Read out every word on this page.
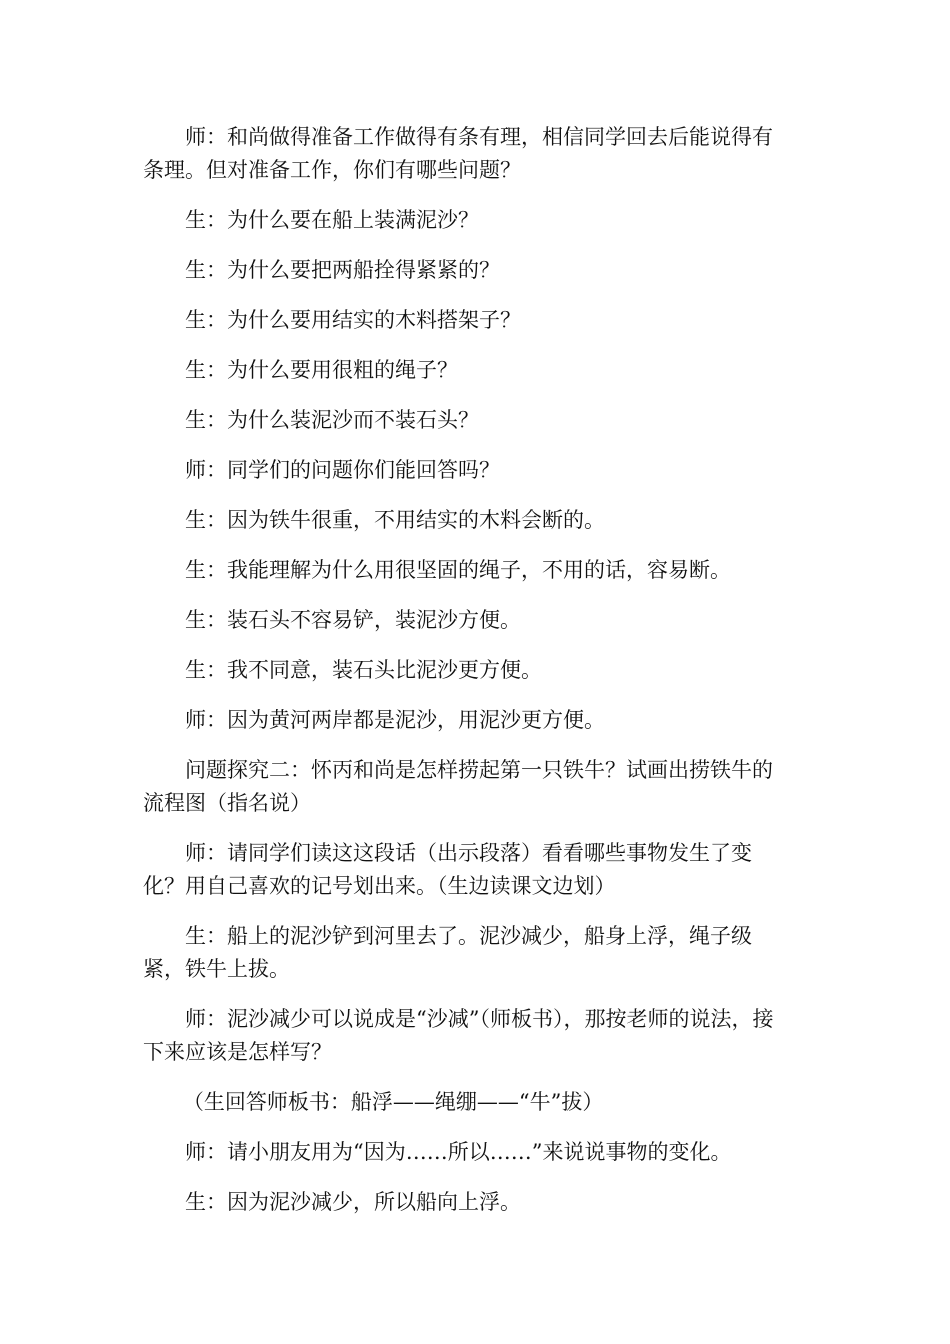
师：和尚做得准备工作做得有条有理，相信同学回去后能说得有条理。但对准备工作，你们有哪些问题？

生：为什么要在船上装满泥沙？

生：为什么要把两船拴得紧紧的？

生：为什么要用结实的木料搭架子？

生：为什么要用很粗的绳子？

生：为什么装泥沙而不装石头？

师：同学们的问题你们能回答吗？

生：因为铁牛很重，不用结实的木料会断的。

生：我能理解为什么用很坚固的绳子，不用的话，容易断。

生：装石头不容易铲，装泥沙方便。

生：我不同意，装石头比泥沙更方便。

师：因为黄河两岸都是泥沙，用泥沙更方便。

问题探究二：怀丙和尚是怎样捞起第一只铁牛？试画出捞铁牛的流程图（指名说）

师：请同学们读这这段话（出示段落）看看哪些事物发生了变化？用自己喜欢的记号划出来。（生边读课文边划）

生：船上的泥沙铲到河里去了。泥沙减少，船身上浮，绳子级紧，铁牛上拔。

师：泥沙减少可以说成是“沙减”（师板书），那按老师的说法，接下来应该是怎样写？

（生回答师板书：船浮——绳绷——“牛”拔）

师：请小朋友用为“因为……所以……”来说说事物的变化。

生：因为泥沙减少，所以船向上浮。
